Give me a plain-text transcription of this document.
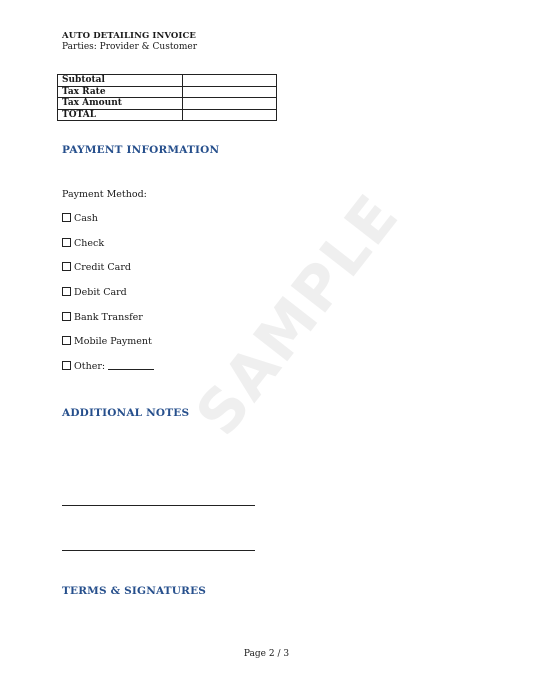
SAMPLE
AUTO DETAILING INVOICE
Parties: Provider & Customer
Subtotal	
Tax Rate	
Tax Amount	
TOTAL	
PAYMENT INFORMATION
Payment Method:
Cash
Check
Credit Card
Debit Card
Bank Transfer
Mobile Payment
Other:
ADDITIONAL NOTES
TERMS & SIGNATURES
Page 2 / 3
